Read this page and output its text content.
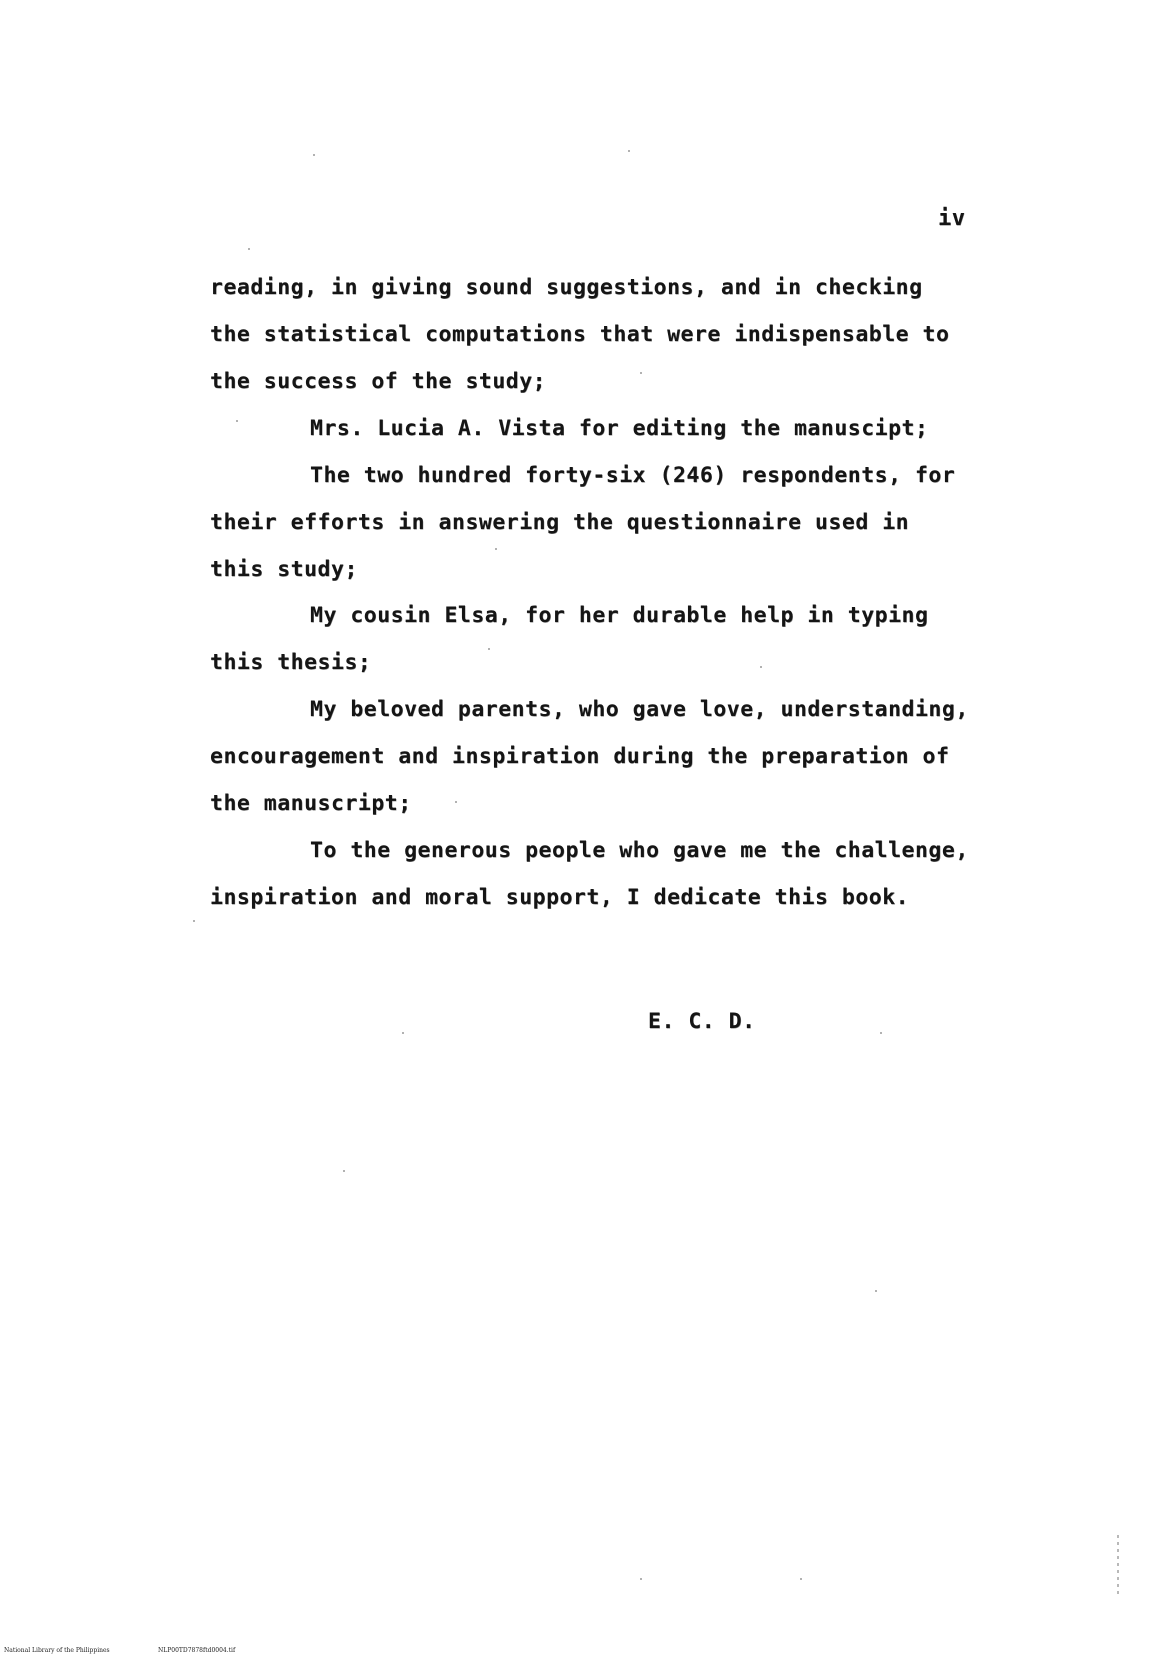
iv
reading, in giving sound suggestions, and in checking
the statistical computations that were indispensable to
the success of the study;
Mrs. Lucia A. Vista for editing the manuscipt;
The two hundred forty-six (246) respondents, for
their efforts in answering the questionnaire used in
this study;
My cousin Elsa, for her durable help in typing
this thesis;
My beloved parents, who gave love, understanding,
encouragement and inspiration during the preparation of
the manuscript;
To the generous people who gave me the challenge,
inspiration and moral support, I dedicate this book.
E. C. D.
National Library of the Philippines	NLP00TD7878ftd0004.tif
